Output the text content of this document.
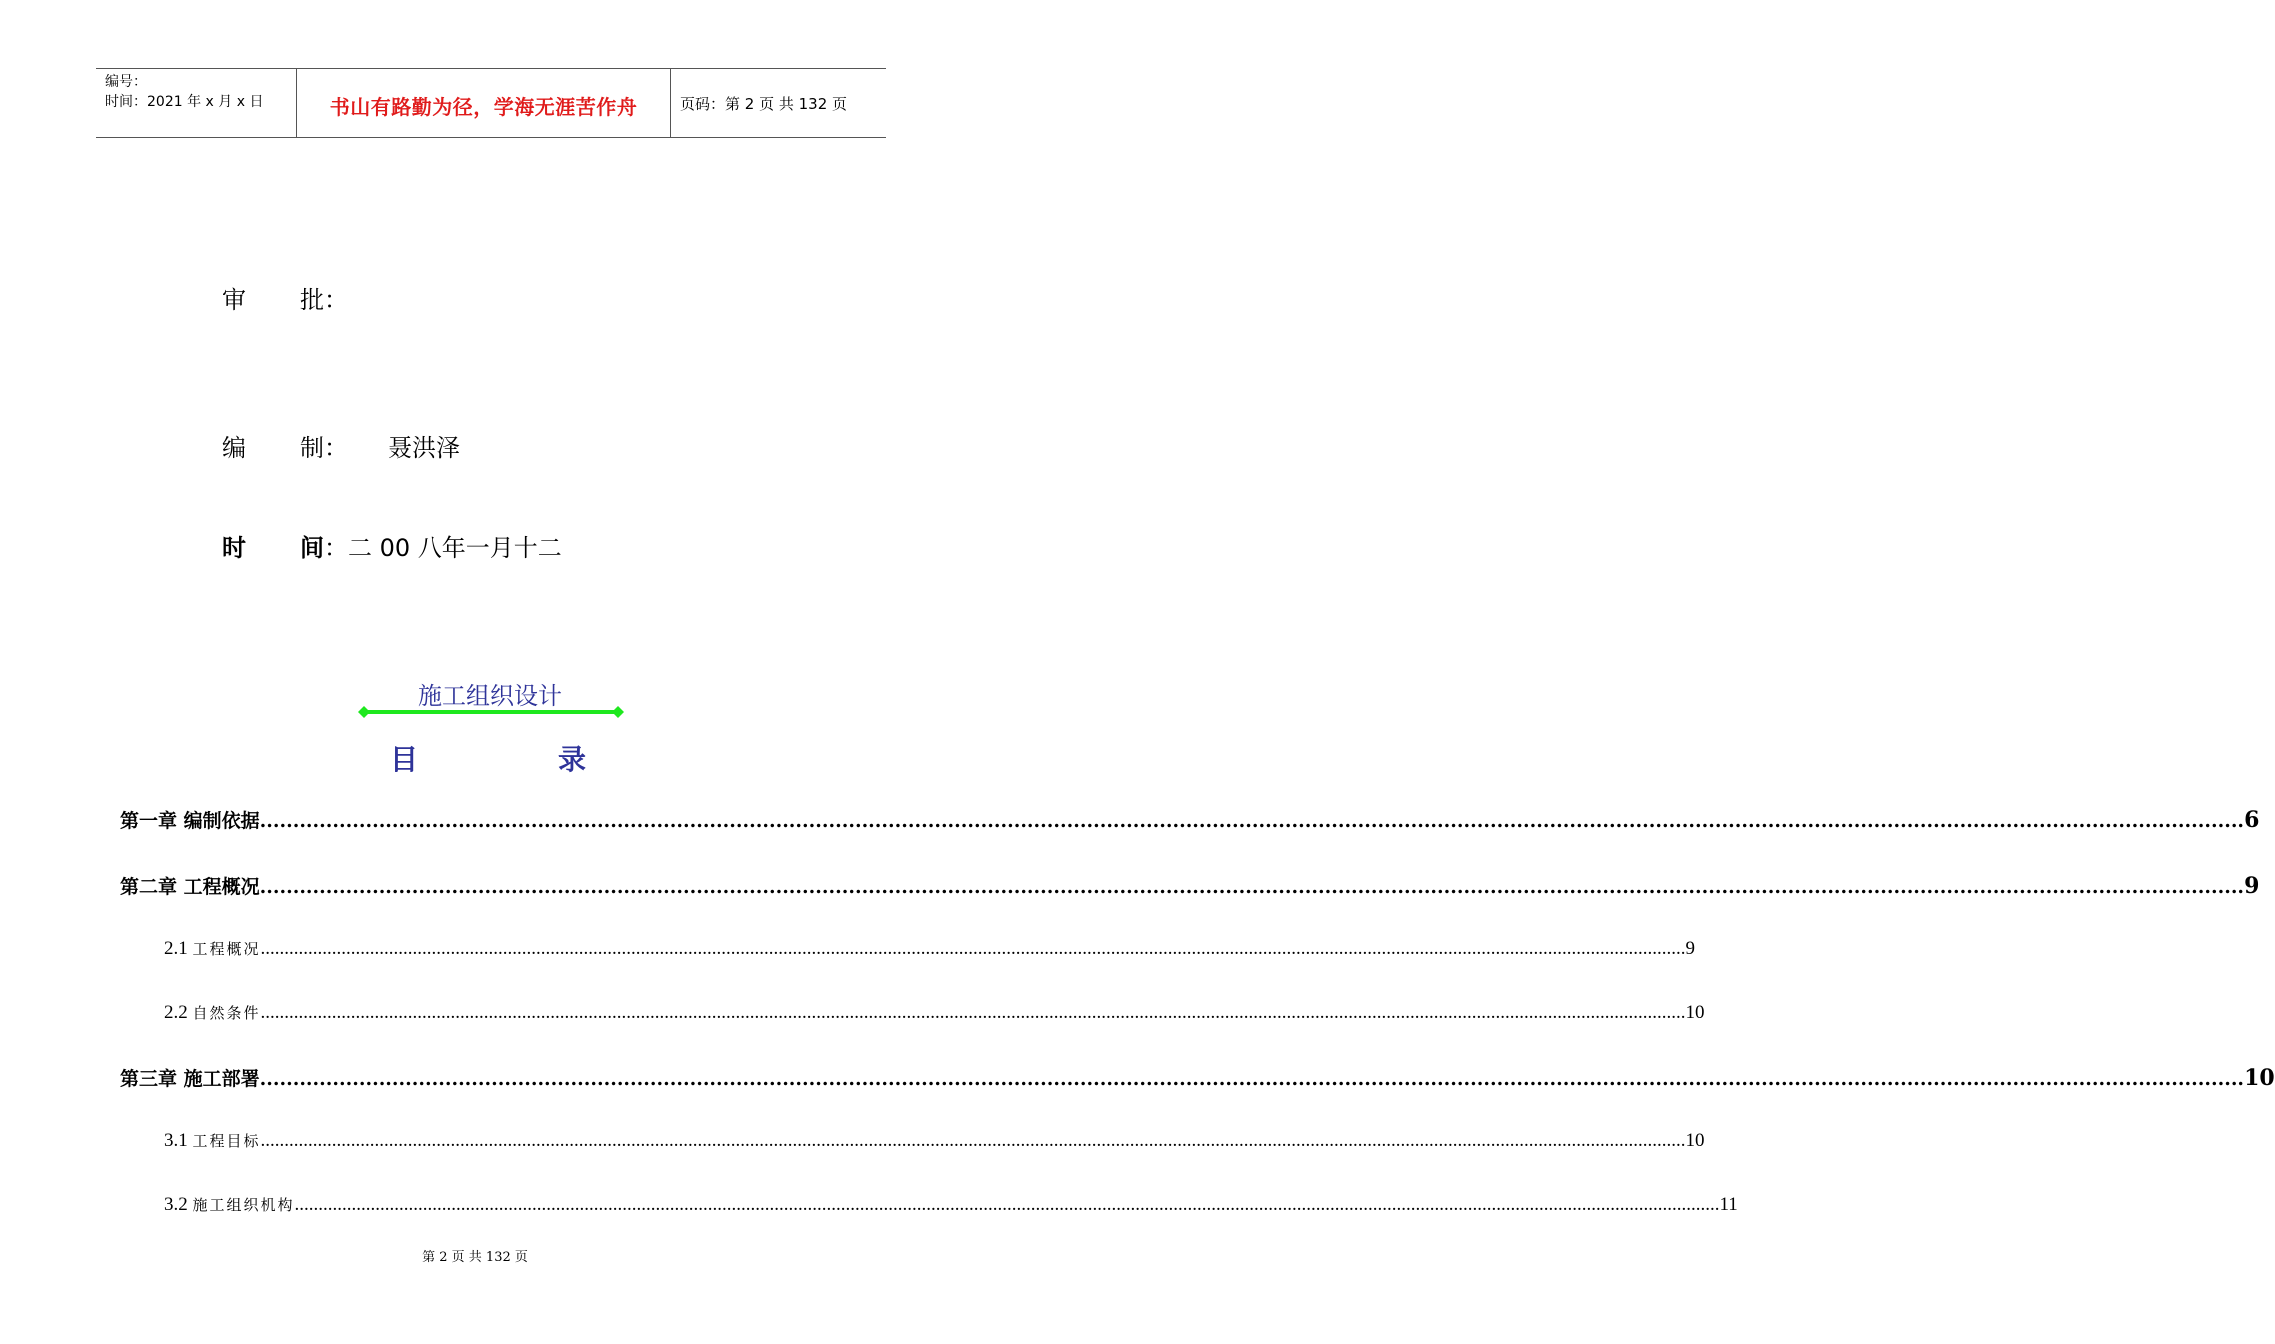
编号：
时间：2021 年 x 月 x 日	书山有路勤为径，学海无涯苦作舟	页码：第 2 页 共 132 页
审 批：
编 制： 聂洪泽
时 间：二 00 八年一月十二
施工组织设计
目	录
第一章 编制依据 ............................................................................................................................................................................................................................................................................................................ 6
第二章 工程概况 ............................................................................................................................................................................................................................................................................................................ 9
2.1 工程概况 ............................................................................................................................................................................................................................................................................................................ 9
2.2 自然条件 ............................................................................................................................................................................................................................................................................................................ 10
第三章 施工部署 ............................................................................................................................................................................................................................................................................................................ 10
3.1 工程目标 ............................................................................................................................................................................................................................................................................................................ 10
3.2 施工组织机构 ............................................................................................................................................................................................................................................................................................................ 11
第 2 页 共 132 页
